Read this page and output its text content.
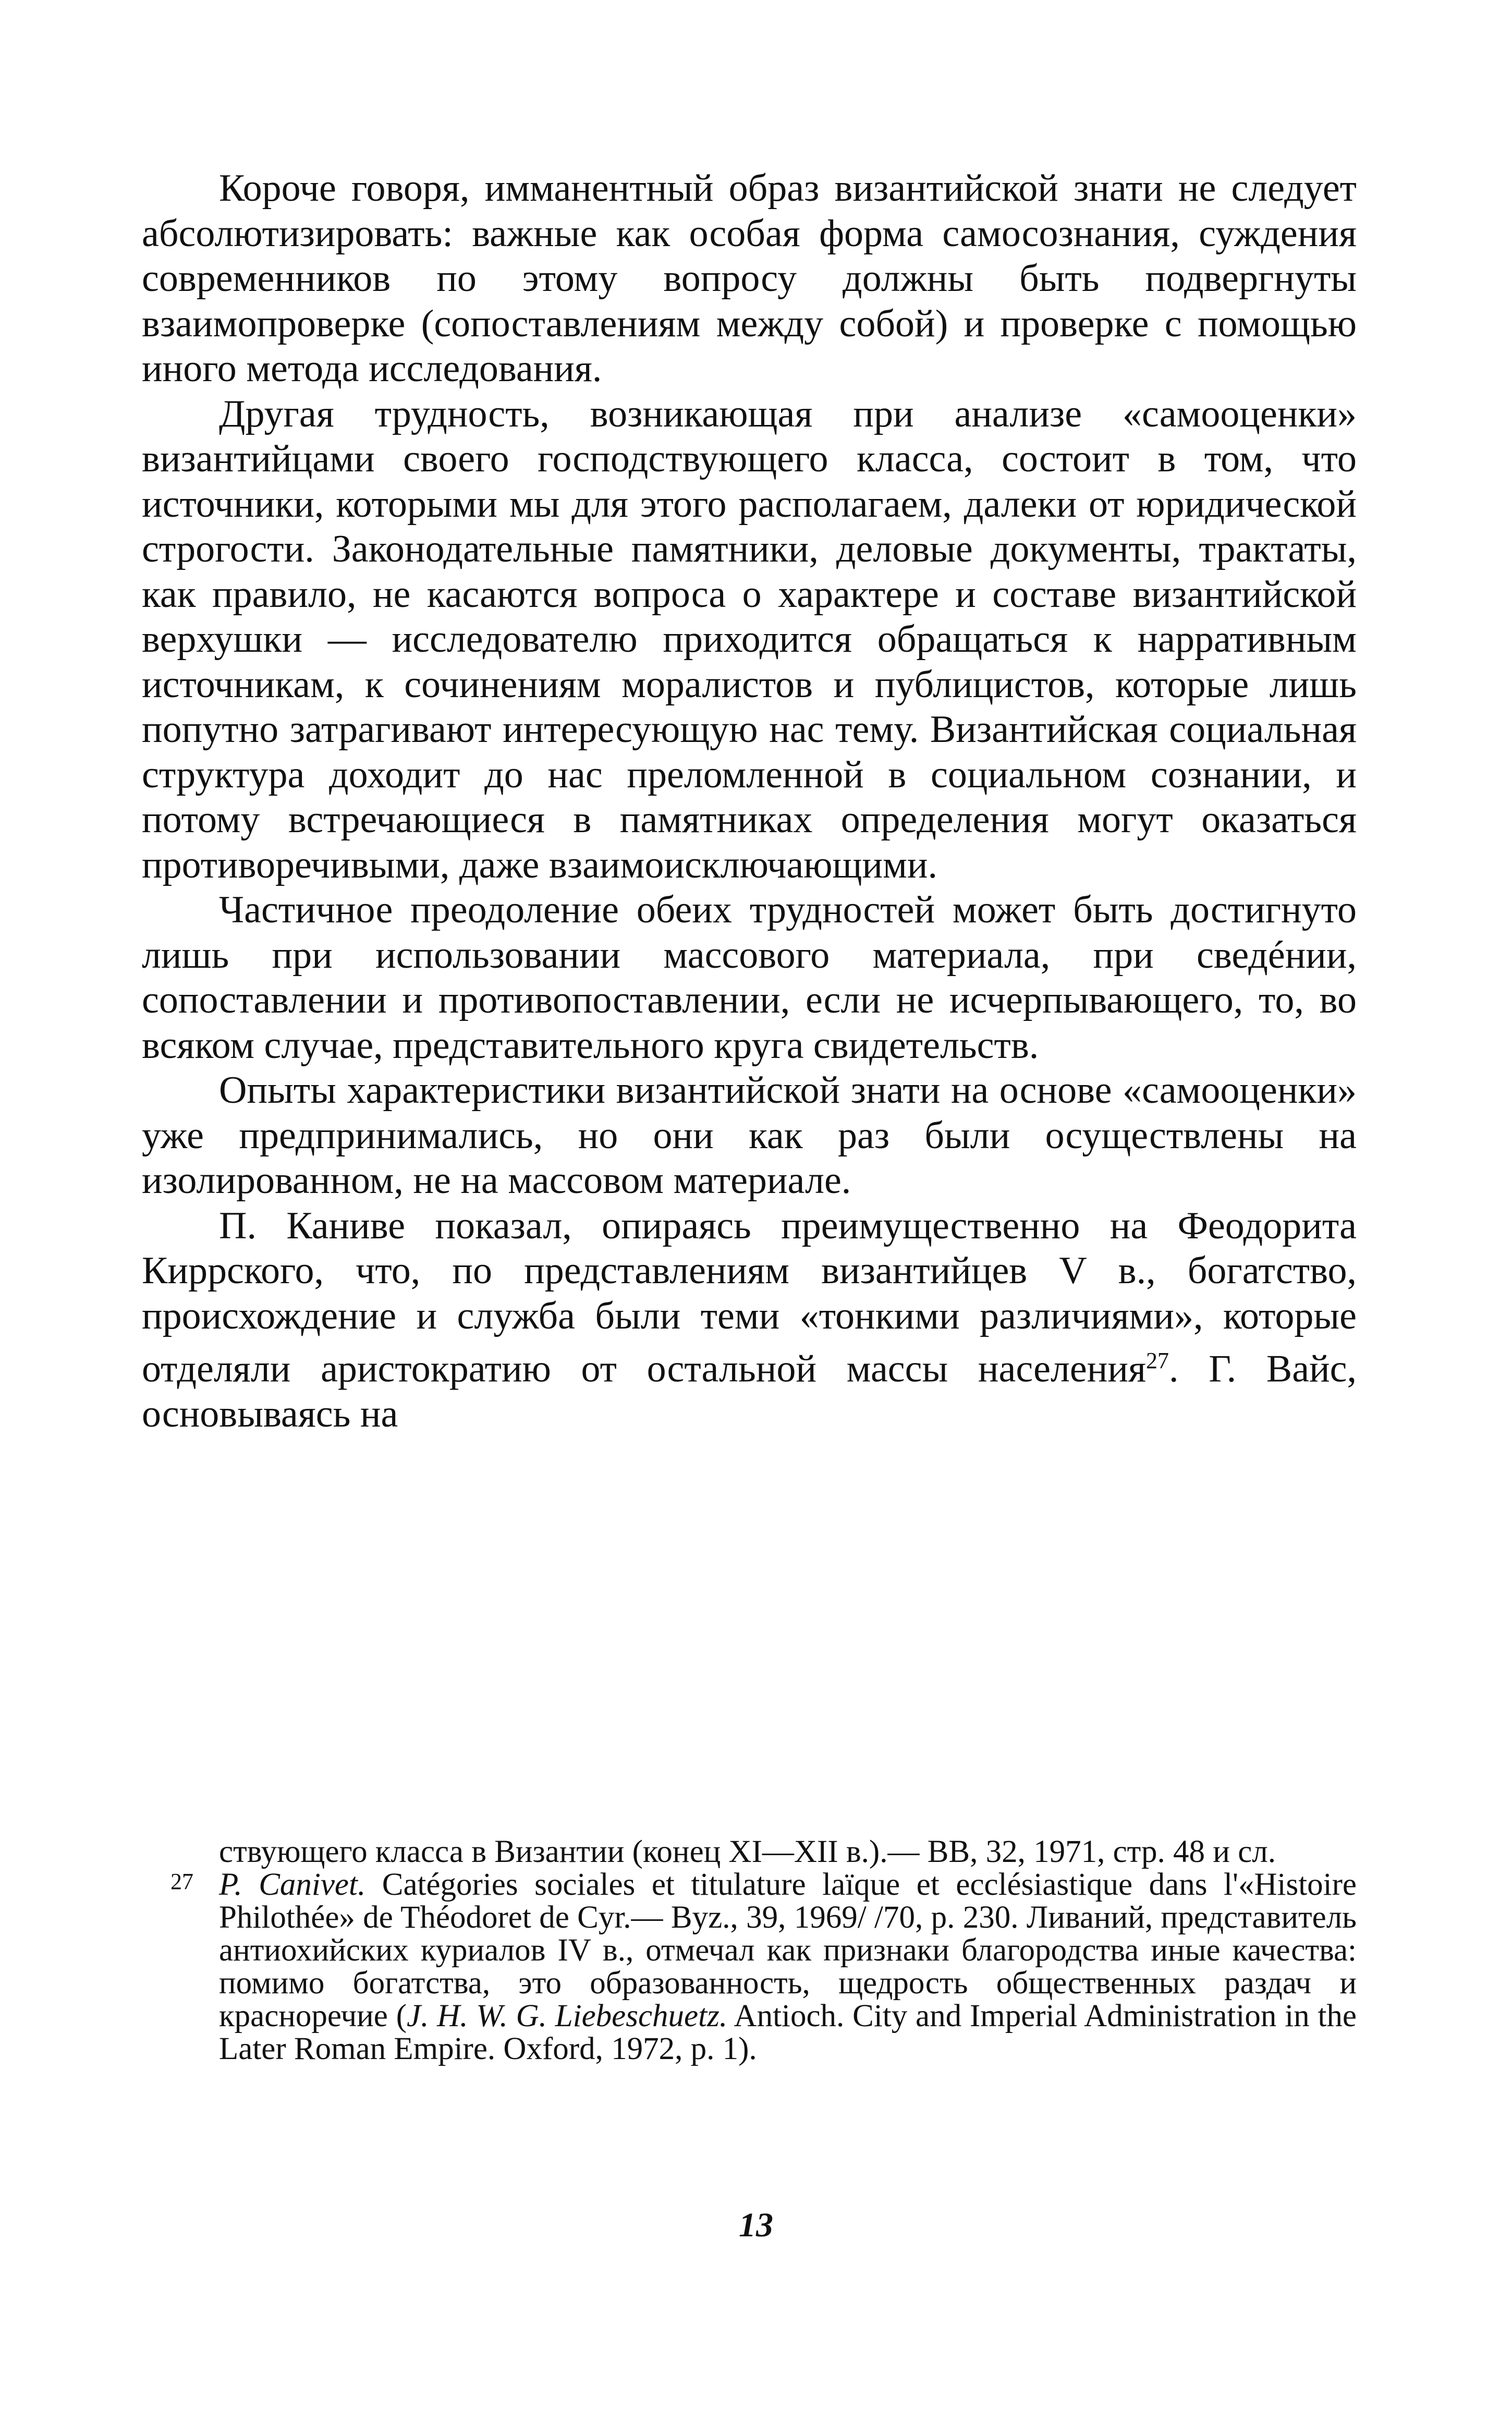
Короче говоря, имманентный образ византийской знати не следует абсолютизировать: важные как особая форма самосознания, суждения современников по этому вопросу должны быть подвергнуты взаимопроверке (сопоставлениям между собой) и проверке с помощью иного метода исследования.

Другая трудность, возникающая при анализе «самооценки» византийцами своего господствующего класса, состоит в том, что источники, которыми мы для этого располагаем, далеки от юридической строгости. Законодательные памятники, деловые документы, трактаты, как правило, не касаются вопроса о характере и составе византийской верхушки — исследователю приходится обращаться к нарративным источникам, к сочинениям моралистов и публицистов, которые лишь попутно затрагивают интересующую нас тему. Византийская социальная структура доходит до нас преломленной в социальном сознании, и потому встречающиеся в памятниках определения могут оказаться противоречивыми, даже взаимоисключающими.

Частичное преодоление обеих трудностей может быть достигнуто лишь при использовании массового материала, при сведéнии, сопоставлении и противопоставлении, если не исчерпывающего, то, во всяком случае, представительного круга свидетельств.

Опыты характеристики византийской знати на основе «самооценки» уже предпринимались, но они как раз были осуществлены на изолированном, не на массовом материале.

П. Каниве показал, опираясь преимущественно на Феодорита Киррского, что, по представлениям византийцев V в., богатство, происхождение и служба были теми «тонкими различиями», которые отделяли аристократию от остальной массы населения$^{27}$. Г. Вайс, основываясь на

ствующего класса в Византии (конец XI—XII в.).— ВВ, 32, 1971, стр. 48 и сл.

27 P. Canivet. Catégories sociales et titulature laïque et ecclésiastique dans l'«Histoire Philothée» de Théodoret de Cyr.— Byz., 39, 1969/ /70, p. 230. Ливаний, представитель антиохийских куриалов IV в., отмечал как признаки благородства иные качества: помимо богатства, это образованность, щедрость общественных раздач и красноречие (J. H. W. G. Liebeschuetz. Antioch. City and Imperial Administration in the Later Roman Empire. Oxford, 1972, p. 1).

13
